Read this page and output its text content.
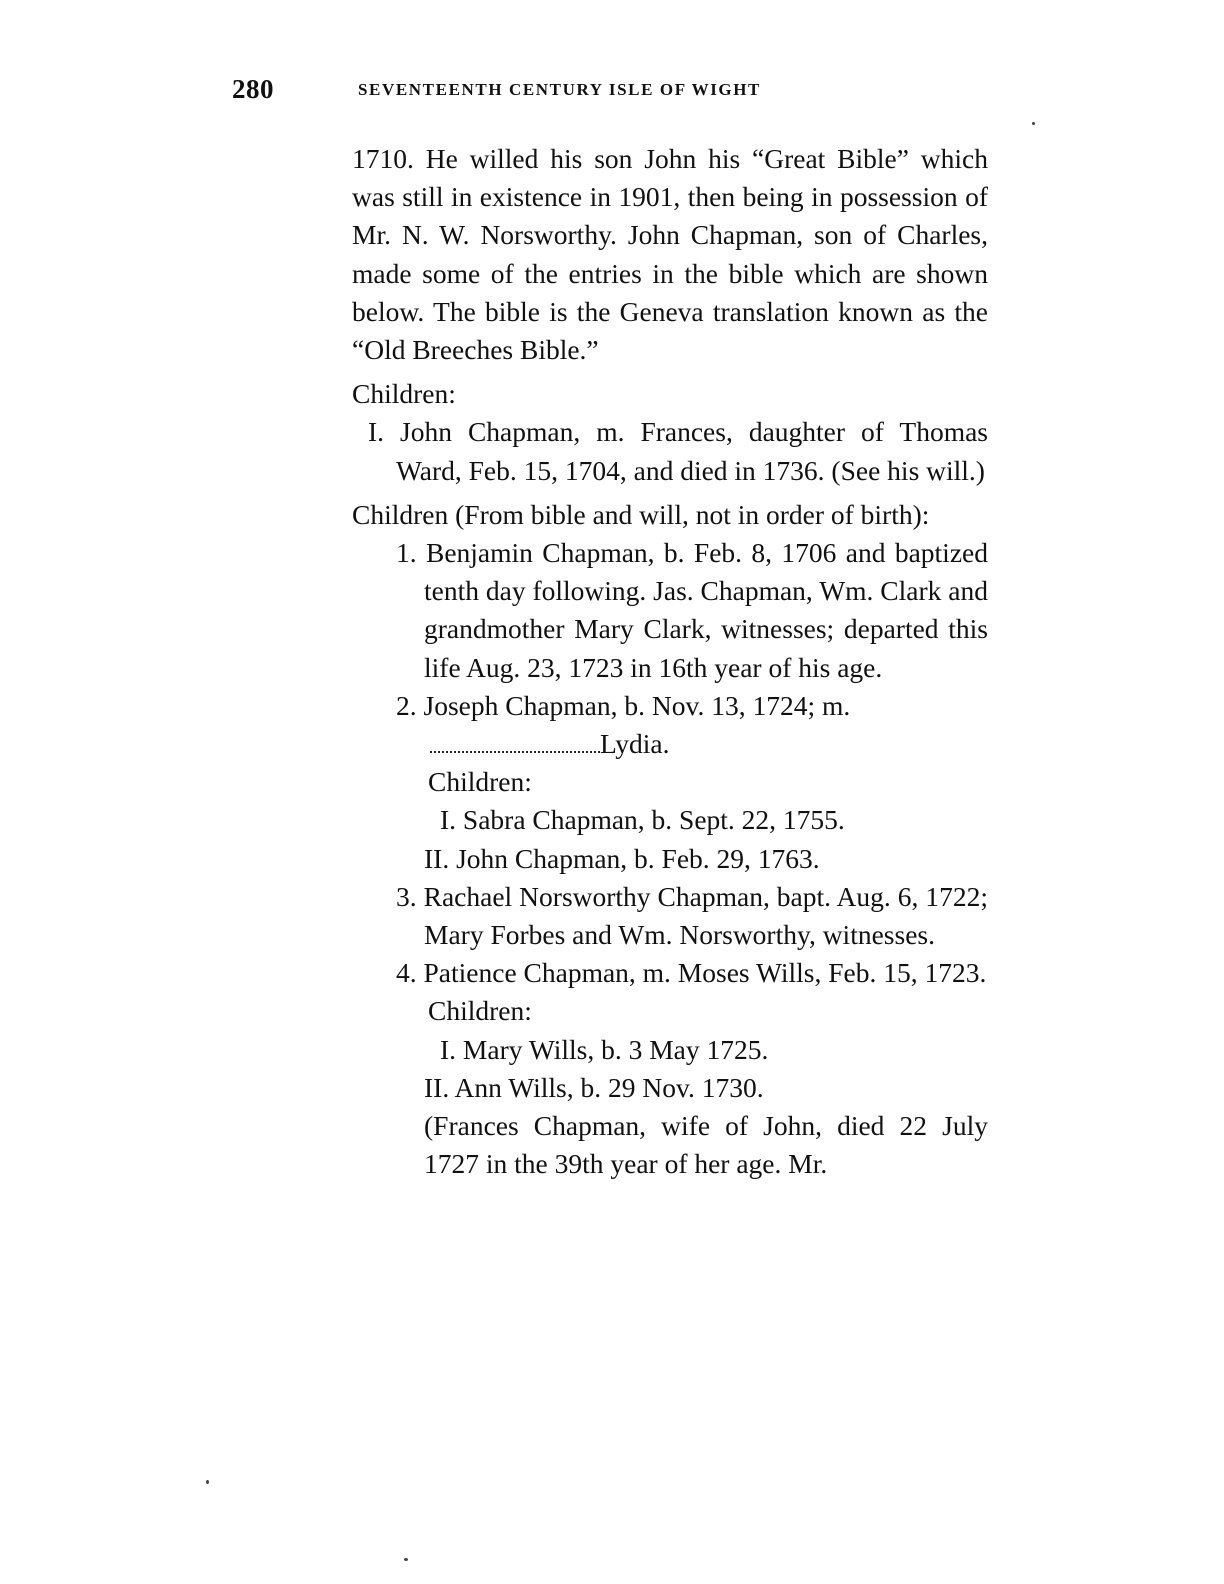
280	SEVENTEENTH CENTURY ISLE OF WIGHT

1710. He willed his son John his “Great Bible” which was still in existence in 1901, then being in possession of Mr. N. W. Norsworthy. John Chapman, son of Charles, made some of the entries in the bible which are shown below. The bible is the Geneva translation known as the “Old Breeches Bible.”

Children:

I. John Chapman, m. Frances, daughter of Thomas Ward, Feb. 15, 1704, and died in 1736. (See his will.)

Children (From bible and will, not in order of birth):

1. Benjamin Chapman, b. Feb. 8, 1706 and baptized tenth day following. Jas. Chapman, Wm. Clark and grandmother Mary Clark, witnesses; departed this life Aug. 23, 1723 in 16th year of his age.

2. Joseph Chapman, b. Nov. 13, 1724; m.

Lydia.

Children:

I. Sabra Chapman, b. Sept. 22, 1755.

II. John Chapman, b. Feb. 29, 1763.

3. Rachael Norsworthy Chapman, bapt. Aug. 6, 1722; Mary Forbes and Wm. Norsworthy, witnesses.

4. Patience Chapman, m. Moses Wills, Feb. 15, 1723.

Children:

I. Mary Wills, b. 3 May 1725.

II. Ann Wills, b. 29 Nov. 1730.

(Frances Chapman, wife of John, died 22 July 1727 in the 39th year of her age. Mr.
